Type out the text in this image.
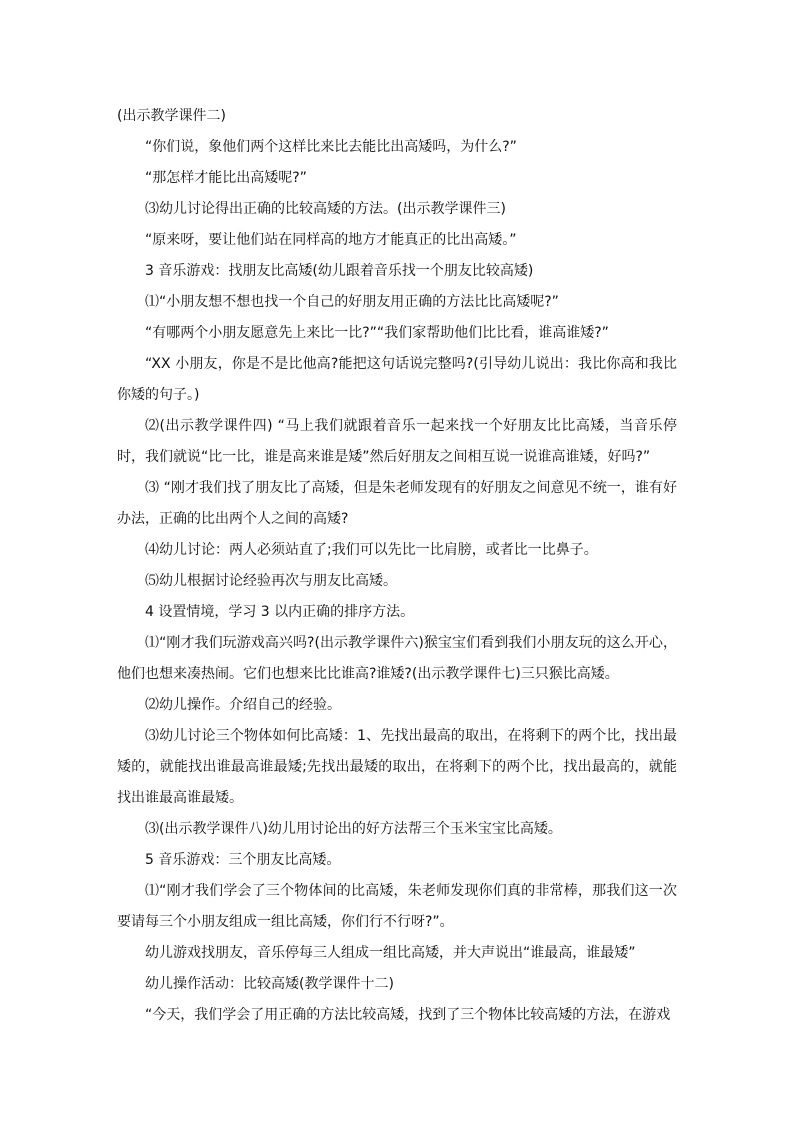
(出示教学课件二)

“你们说，象他们两个这样比来比去能比出高矮吗，为什么?”

“那怎样才能比出高矮呢?”

⑶幼儿讨论得出正确的比较高矮的方法。(出示教学课件三)

“原来呀，要让他们站在同样高的地方才能真正的比出高矮。”

3 音乐游戏：找朋友比高矮(幼儿跟着音乐找一个朋友比较高矮)

⑴“小朋友想不想也找一个自己的好朋友用正确的方法比比高矮呢?”

“有哪两个小朋友愿意先上来比一比?”“我们家帮助他们比比看，谁高谁矮?”

“XX 小朋友，你是不是比他高?能把这句话说完整吗?(引导幼儿说出：我比你高和我比你矮的句子。)

⑵(出示教学课件四) “马上我们就跟着音乐一起来找一个好朋友比比高矮，当音乐停时，我们就说“比一比，谁是高来谁是矮”然后好朋友之间相互说一说谁高谁矮，好吗?”

⑶ “刚才我们找了朋友比了高矮，但是朱老师发现有的好朋友之间意见不统一，谁有好办法，正确的比出两个人之间的高矮?

⑷幼儿讨论：两人必须站直了;我们可以先比一比肩膀，或者比一比鼻子。

⑸幼儿根据讨论经验再次与朋友比高矮。

4 设置情境，学习 3 以内正确的排序方法。

⑴“刚才我们玩游戏高兴吗?(出示教学课件六)猴宝宝们看到我们小朋友玩的这么开心，他们也想来凑热闹。它们也想来比比谁高?谁矮?(出示教学课件七)三只猴比高矮。

⑵幼儿操作。介绍自己的经验。

⑶幼儿讨论三个物体如何比高矮：1、先找出最高的取出，在将剩下的两个比，找出最矮的，就能找出谁最高谁最矮;先找出最矮的取出，在将剩下的两个比，找出最高的，就能找出谁最高谁最矮。

⑶(出示教学课件八)幼儿用讨论出的好方法帮三个玉米宝宝比高矮。

5 音乐游戏：三个朋友比高矮。

⑴“刚才我们学会了三个物体间的比高矮，朱老师发现你们真的非常棒，那我们这一次要请每三个小朋友组成一组比高矮，你们行不行呀?”。

幼儿游戏找朋友，音乐停每三人组成一组比高矮，并大声说出“谁最高，谁最矮”

幼儿操作活动：比较高矮(教学课件十二)

“今天，我们学会了用正确的方法比较高矮，找到了三个物体比较高矮的方法，在游戏
